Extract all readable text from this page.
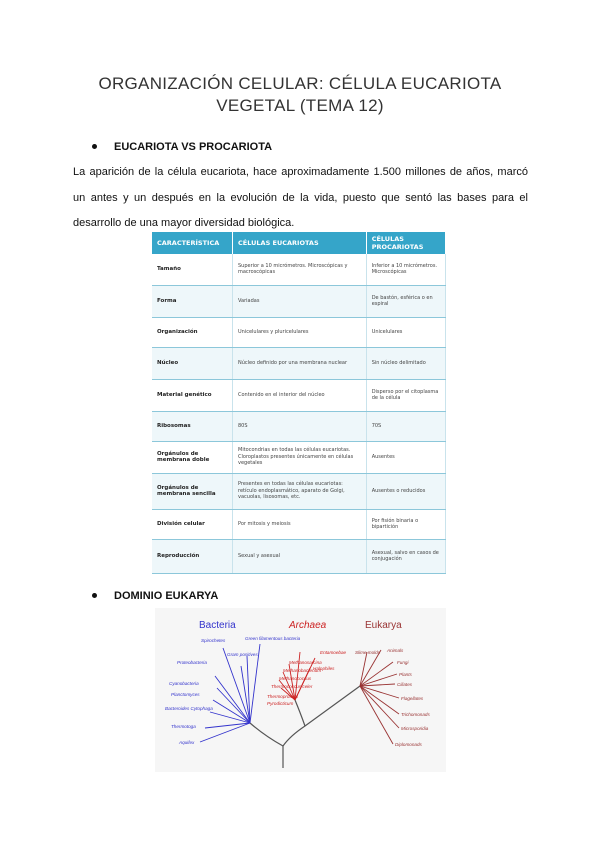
ORGANIZACIÓN CELULAR: CÉLULA EUCARIOTA
VEGETAL (TEMA 12)
EUCARIOTA VS PROCARIOTA
La aparición de la célula eucariota, hace aproximadamente 1.500 millones de años, marcó un antes y un después en la evolución de la vida, puesto que sentó las bases para el desarrollo de una mayor diversidad biológica.
CARACTERÍSTICA	CÉLULAS EUCARIOTAS	CÉLULAS PROCARIOTAS
Tamaño	Superior a 10 micrómetros. Microscópicas y macroscópicas	Inferior a 10 micrómetros. Microscópicas
Forma	Variadas	De bastón, esférica o en espiral
Organización	Unicelulares y pluricelulares	Unicelulares
Núcleo	Núcleo definido por una membrana nuclear	Sin núcleo delimitado
Material genético	Contenido en el interior del núcleo	Disperso por el citoplasma de la célula
Ribosomas	80S	70S
Orgánulos de membrana doble	Mitocondrias en todas las células eucariotas. Cloroplastos presentes únicamente en células vegetales	Ausentes
Orgánulos de membrana sencilla	Presentes en todas las células eucariotas: retículo endoplasmático, aparato de Golgi, vacuolas, lisosomas, etc.	Ausentes o reducidos
División celular	Por mitosis y meiosis	Por fisión binaria o bipartición
Reproducción	Sexual y asexual	Asexual, salvo en casos de conjugación
DOMINIO EUKARYA
Bacteria	Archaea	Eukarya
Spirochetes	Green filamentous bacteria
Proteobacteria
Gram positives
Cyanobacteria
Planctomyces
Bacteroides Cytophaga
Thermotoga
Aquifex
Entamoebae
Methanosarcina
Methanobacterium
Methanococcus
Halophiles
Thermococcus celer
Thermoproteus
Pyrodicticum
Slime molds Animals
Fungi
Plants
Ciliates
Flagellates
Trichomonads
Microsporidia
Diplomonads
